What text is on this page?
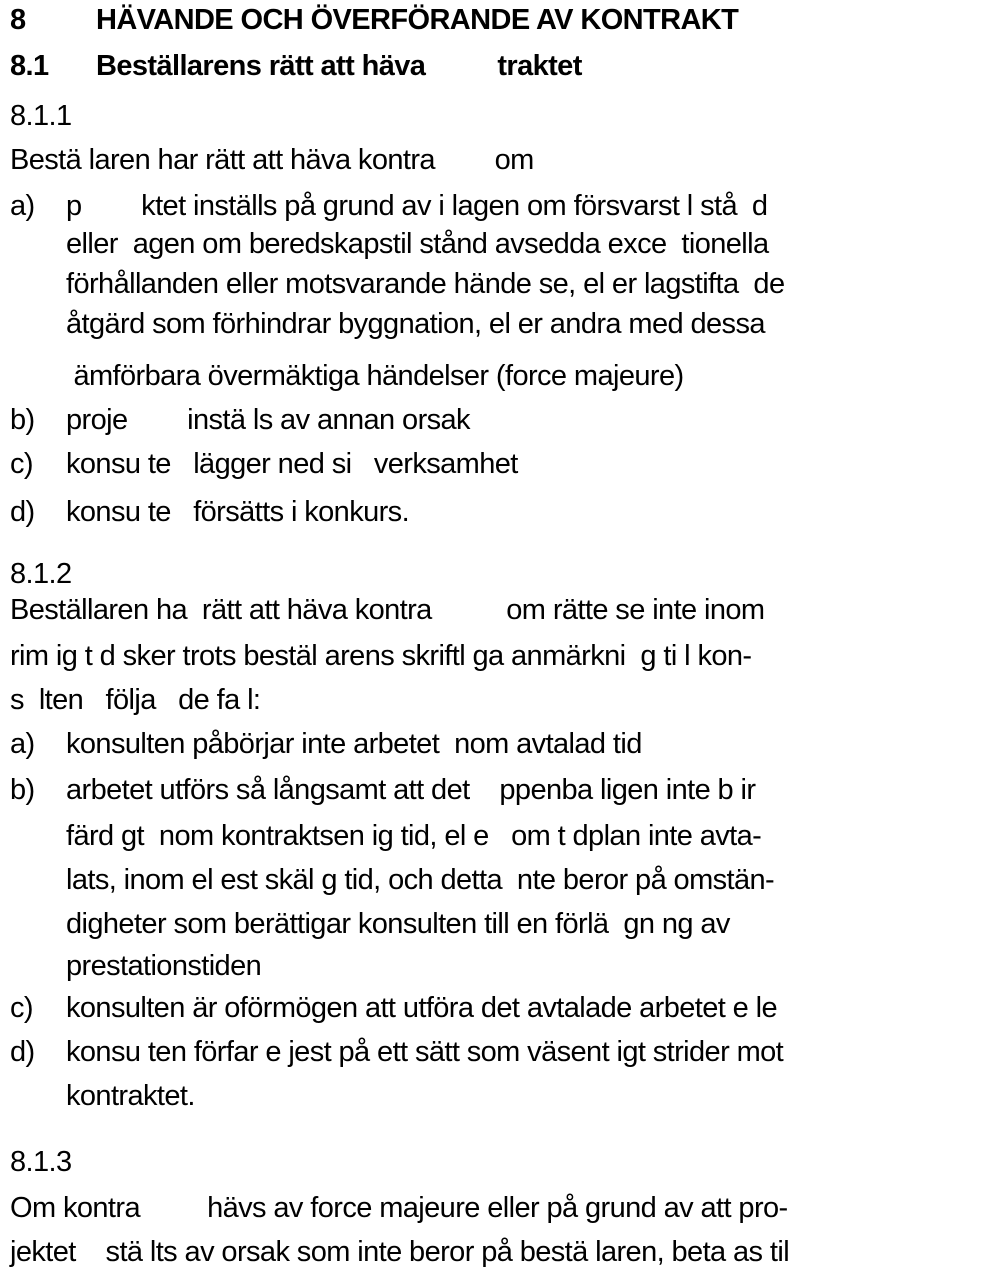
8 HÄVANDE OCH ÖVERFÖRANDE AV KONTRAKT
8.1 Beställarens rätt att häva traktet
8.1.1
Bestä laren har rätt att häva kontra        om
a) p        ktet inställs på grund av i lagen om försvarst l stå  d
eller  agen om beredskapstil stånd avsedda exce  tionella
förhållanden eller motsvarande hände se, el er lagstifta  de
åtgärd som förhindrar byggnation, el er andra med dessa
ämförbara övermäktiga händelser (force majeure)
b) proje        instä ls av annan orsak
c) konsu te   lägger ned si   verksamhet
d) konsu te   försätts i konkurs.
8.1.2
Beställaren ha  rätt att häva kontra          om rätte se inte inom
rim ig t d sker trots bestäl arens skriftl ga anmärkni  g ti l kon-
s  lten   följa   de fa l:
a) konsulten påbörjar inte arbetet  nom avtalad tid
b) arbetet utförs så långsamt att det    ppenba ligen inte b ir
färd gt  nom kontraktsen ig tid, el e   om t dplan inte avta-
lats, inom el est skäl g tid, och detta  nte beror på omstän-
digheter som berättigar konsulten till en förlä  gn ng av
prestationstiden
c) konsulten är oförmögen att utföra det avtalade arbetet e le
d) konsu ten förfar e jest på ett sätt som väsent igt strider mot
kontraktet.
8.1.3
Om kontra         hävs av force majeure eller på grund av att pro-
jektet    stä lts av orsak som inte beror på bestä laren, beta as til
